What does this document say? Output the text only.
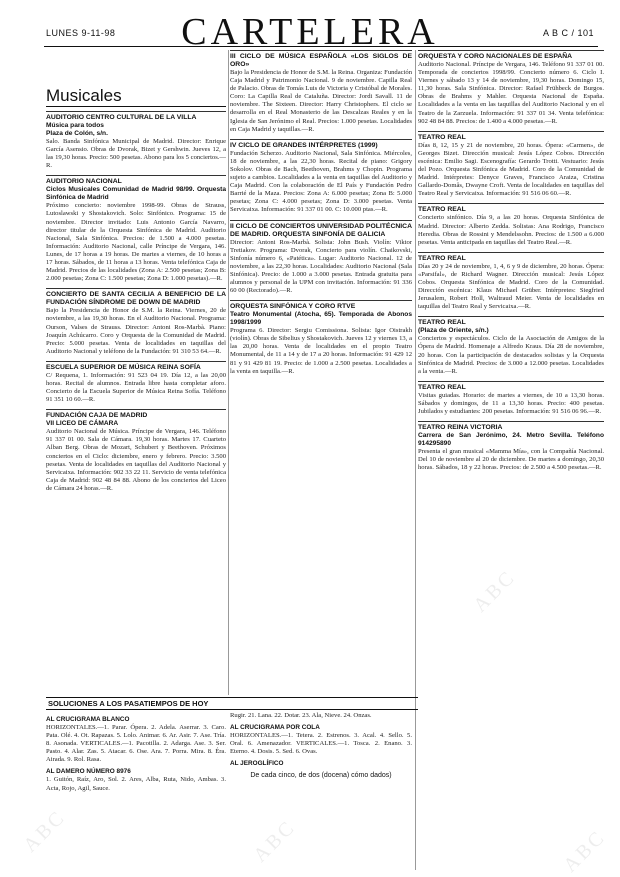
LUNES 9-11-98	CARTELERA	A B C / 101
Musicales
AUDITORIO CENTRO CULTURAL DE LA VILLA
Música para todos
Plaza de Colón, s/n.
Salo. Banda Sinfónica Municipal de Madrid. Director: Enrique García Asensio. Obras de Dvorak, Bizet y Gershwin. Jueves 12, a las 19,30 horas. Precio: 500 pesetas. Abono para los 5 conciertos.—R.
AUDITORIO NACIONAL
Ciclos Musicales Comunidad de Madrid 98/99. Orquesta Sinfónica de Madrid
Próximo concierto: noviembre 1998-99. Obras de Strauss, Lutoslawski y Shostakovich. Solo: Sinfónico. Programa: 15 de noviembre. Director invitado: Luis Antonio García Navarro, director titular de la Orquesta Sinfónica de Madrid. Auditorio Nacional, Sala Sinfónica. Precios: de 1.500 a 4.000 pesetas. Información: Auditorio Nacional, calle Príncipe de Vergara, 146. Lunes, de 17 horas a 19 horas. De martes a viernes, de 10 horas a 17 horas. Sábados, de 11 horas a 13 horas. Venta telefónica Caja de Madrid. Precios de las localidades (Zona A: 2.500 pesetas; Zona B: 2.000 pesetas; Zona C: 1.500 pesetas; Zona D: 1.000 pesetas).—R.
CONCIERTO DE SANTA CECILIA A BENEFICIO DE LA FUNDACIÓN SÍNDROME DE DOWN DE MADRID
Bajo la Presidencia de Honor de S.M. la Reina. Viernes, 20 de noviembre, a las 19,30 horas. En el Auditorio Nacional. Programa: Ourson, Valses de Strauss. Director: Antoni Ros-Marbà. Piano: Joaquín Achúcarro. Coro y Orquesta de la Comunidad de Madrid. Precio: 5.000 pesetas. Venta de localidades en taquillas del Auditorio Nacional y teléfono de la Fundación: 91 310 53 64.—R.
ESCUELA SUPERIOR DE MÚSICA REINA SOFÍA
C/ Requena, 1. Información: 91 523 04 19. Día 12, a las 20,00 horas. Recital de alumnos. Entrada libre hasta completar aforo. Concierto de la Escuela Superior de Música Reina Sofía. Teléfono 91 351 10 60.—R.
FUNDACIÓN CAJA DE MADRID
VII LICEO DE CÁMARA
Auditorio Nacional de Música. Príncipe de Vergara, 146. Teléfono 91 337 01 00. Sala de Cámara. 19,30 horas. Martes 17. Cuarteto Alban Berg. Obras de Mozart, Schubert y Beethoven. Próximos conciertos en el Ciclo: diciembre, enero y febrero. Precio: 3.500 pesetas. Venta de localidades en taquillas del Auditorio Nacional y Servicaixa. Información: 902 33 22 11. Servicio de venta telefónica Caja de Madrid: 902 48 84 88. Abono de los conciertos del Liceo de Cámara 24 horas.—R.
III CICLO DE MÚSICA ESPAÑOLA «LOS SIGLOS DE ORO»
Bajo la Presidencia de Honor de S.M. la Reina. Organiza: Fundación Caja Madrid y Patrimonio Nacional. 9 de noviembre. Capilla Real de Palacio. Obras de Tomás Luis de Victoria y Cristóbal de Morales. Coro: La Capilla Real de Cataluña. Director: Jordi Savall. 11 de noviembre. The Sixteen. Director: Harry Christophers. El ciclo se desarrolla en el Real Monasterio de las Descalzas Reales y en la Iglesia de San Jerónimo el Real. Precios: 1.000 pesetas. Localidades en Caja Madrid y taquillas.—R.
IV CICLO DE GRANDES INTÉRPRETES (1999)
Fundación Scherzo. Auditorio Nacional, Sala Sinfónica. Miércoles, 18 de noviembre, a las 22,30 horas. Recital de piano: Grigory Sokolov. Obras de Bach, Beethoven, Brahms y Chopin. Programa sujeto a cambios. Localidades a la venta en taquillas del Auditorio y Caja Madrid. Con la colaboración de El País y Fundación Pedro Barrié de la Maza. Precios: Zona A: 6.000 pesetas; Zona B: 5.000 pesetas; Zona C: 4.000 pesetas; Zona D: 3.000 pesetas. Venta Servicaixa. Información: 91 337 01 00. C: 10.000 ptas.—R.
II CICLO DE CONCIERTOS UNIVERSIDAD POLITÉCNICA DE MADRID. ORQUESTA SINFONÍA DE GALICIA
Director: Antoni Ros-Marbà. Solista: John Bush. Violín: Viktor Tretiakov. Programa: Dvorak, Concierto para violín. Chaikovski, Sinfonía número 6, «Patética». Lugar: Auditorio Nacional. 12 de noviembre, a las 22,30 horas. Localidades: Auditorio Nacional (Sala Sinfónica). Precio: de 1.000 a 3.000 pesetas. Entrada gratuita para alumnos y personal de la UPM con invitación. Información: 91 336 60 00 (Rectorado).—R.
ORQUESTA SINFÓNICA Y CORO RTVE
Teatro Monumental (Atocha, 65). Temporada de Abonos 1998/1999
Programa 6. Director: Sergiu Comissiona. Solista: Igor Oistrakh (violín). Obras de Sibelius y Shostakovich. Jueves 12 y viernes 13, a las 20,00 horas. Venta de localidades en el propio Teatro Monumental, de 11 a 14 y de 17 a 20 horas. Información: 91 429 12 81 y 91 429 81 19. Precio: de 1.000 a 2.500 pesetas. Localidades a la venta en taquilla.—R.
ORQUESTA Y CORO NACIONALES DE ESPAÑA
Auditorio Nacional. Príncipe de Vergara, 146. Teléfono 91 337 01 00. Temporada de conciertos 1998/99. Concierto número 6. Ciclo I. Viernes y sábado 13 y 14 de noviembre, 19,30 horas. Domingo 15, 11,30 horas. Sala Sinfónica. Director: Rafael Frühbeck de Burgos. Obras de Brahms y Mahler. Orquesta Nacional de España. Localidades a la venta en las taquillas del Auditorio Nacional y en el Teatro de la Zarzuela. Información: 91 337 01 34. Venta telefónica: 902 48 84 88. Precios: de 1.400 a 4.000 pesetas.—R.
TEATRO REAL
Días 8, 12, 15 y 21 de noviembre, 20 horas. Ópera: «Carmen», de Georges Bizet. Dirección musical: Jesús López Cobos. Dirección escénica: Emilio Sagi. Escenografía: Gerardo Trotti. Vestuario: Jesús del Pozo. Orquesta Sinfónica de Madrid. Coro de la Comunidad de Madrid. Intérpretes: Denyce Graves, Francisco Araiza, Cristina Gallardo-Domâs, Dwayne Croft. Venta de localidades en taquillas del Teatro Real y Servicaixa. Información: 91 516 06 60.—R.
TEATRO REAL
Concierto sinfónico. Día 9, a las 20 horas. Orquesta Sinfónica de Madrid. Director: Alberto Zedda. Solistas: Ana Rodrigo, Francisco Heredia. Obras de Rossini y Mendelssohn. Precios: de 1.500 a 6.000 pesetas. Venta anticipada en taquillas del Teatro Real.—R.
TEATRO REAL
Días 20 y 24 de noviembre, 1, 4, 6 y 9 de diciembre, 20 horas. Ópera: «Parsifal», de Richard Wagner. Dirección musical: Jesús López Cobos. Orquesta Sinfónica de Madrid. Coro de la Comunidad. Dirección escénica: Klaus Michael Grüber. Intérpretes: Siegfried Jerusalem, Robert Holl, Waltraud Meier. Venta de localidades en taquillas del Teatro Real y Servicaixa.—R.
TEATRO REAL
(Plaza de Oriente, s/n.)
Conciertos y espectáculos. Ciclo de la Asociación de Amigos de la Ópera de Madrid. Homenaje a Alfredo Kraus. Día 28 de noviembre, 20 horas. Con la participación de destacados solistas y la Orquesta Sinfónica de Madrid. Precios: de 3.000 a 12.000 pesetas. Localidades a la venta.—R.
TEATRO REAL
Visitas guiadas. Horario: de martes a viernes, de 10 a 13,30 horas. Sábados y domingos, de 11 a 13,30 horas. Precio: 400 pesetas. Jubilados y estudiantes: 200 pesetas. Información: 91 516 06 96.—R.
TEATRO REINA VICTORIA
Carrera de San Jerónimo, 24. Metro Sevilla. Teléfono 914295890
Presenta el gran musical «Mamma Mía», con la Compañía Nacional. Del 10 de noviembre al 20 de diciembre. De martes a domingo, 20,30 horas. Sábados, 18 y 22 horas. Precios: de 2.500 a 4.500 pesetas.—R.
SOLUCIONES A LOS PASATIEMPOS DE HOY
AL CRUCIGRAMA BLANCO
HORIZONTALES.—1. Parar. Ópera. 2. Adela. Aserrar. 3. Caro. Pata. Olé. 4. Ot. Rapazas. 5. Lolo. Animar. 6. Ar. Asir. 7. Ase. Tría. 8. Asonada. VERTICALES.—1. Pacotilla. 2. Adarga. Ase. 3. Ser. Pasto. 4. Alar. Zas. 5. Atacar. 6. Ose. Ara. 7. Porra. Mira. 8. Éra. Airada. 9. Rol. Rasa.
AL DAMERO NÚMERO 8976
1. Guitón, Raíz, Aro, Sol. 2. Ares, Alba, Ruta, Nido, Ambas. 3. Acta, Rojo, Agil, Sauce.
Rugir. 21. Lana. 22. Dotar. 23. Ala, Nieve. 24. Onzas.
AL CRUCIGRAMA POR COLA
HORIZONTALES.—1. Tetera. 2. Estrenos. 3. Acal. 4. Sello. 5. Oral. 6. Amenazador. VERTICALES.—1. Tosca. 2. Enano. 3. Eterno. 4. Dosis. 5. Sed. 6. Ovas.
AL JEROGLÍFICO
De cada cinco, de dos (docena) cómo dados)
ABC	ABC
ABC
ABC
